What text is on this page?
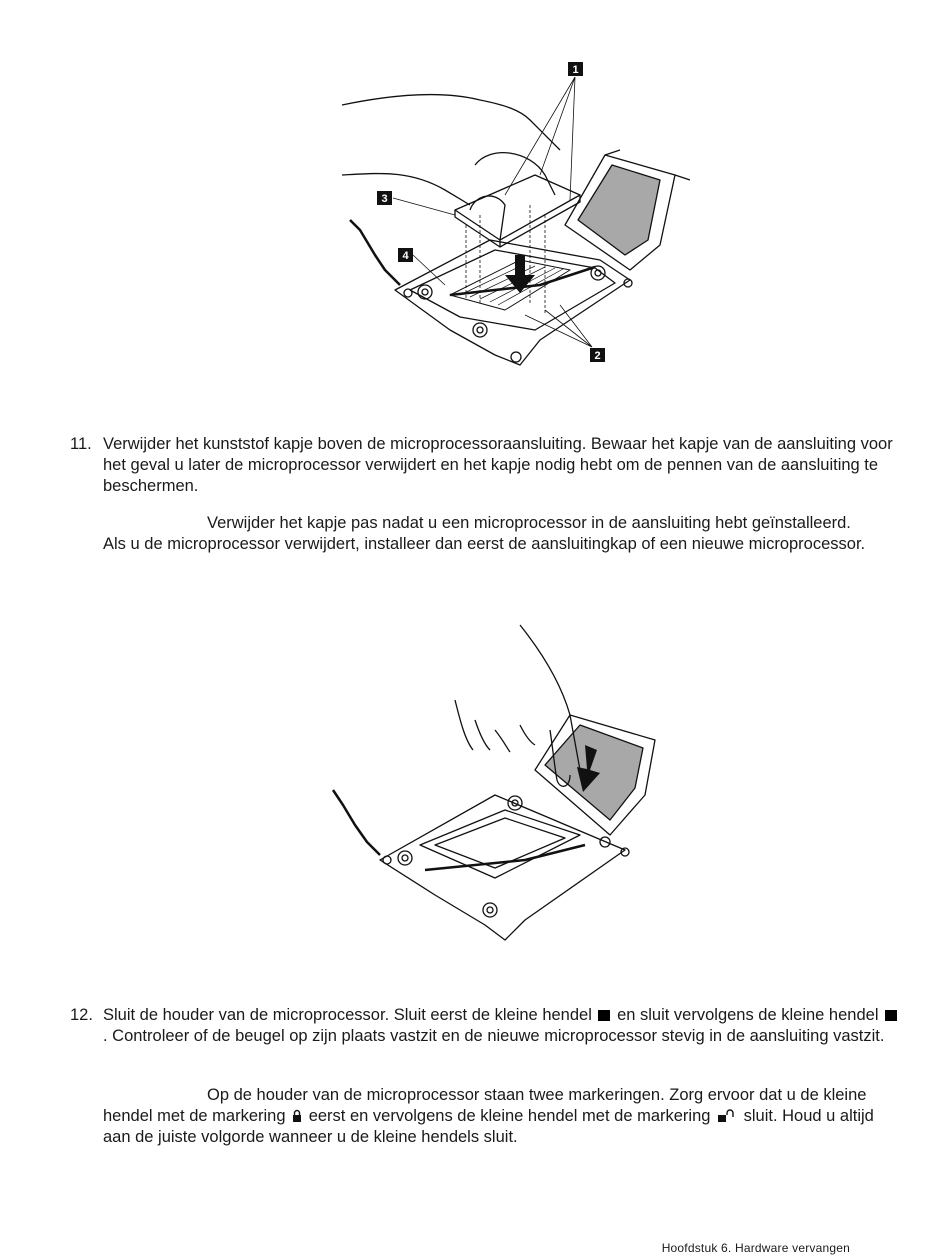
1
2
3
4
11. Verwijder het kunststof kapje boven de microprocessoraansluiting. Bewaar het kapje van de aansluiting voor het geval u later de microprocessor verwijdert en het kapje nodig hebt om de pennen van de aansluiting te beschermen.
Verwijder het kapje pas nadat u een microprocessor in de aansluiting hebt geïnstalleerd.
Als u de microprocessor verwijdert, installeer dan eerst de aansluitingkap of een nieuwe microprocessor.
12. Sluit de houder van de microprocessor. Sluit eerst de kleine hendel en sluit vervolgens de kleine hendel . Controleer of de beugel op zijn plaats vastzit en de nieuwe microprocessor stevig in de aansluiting vastzit.
Op de houder van de microprocessor staan twee markeringen. Zorg ervoor dat u de kleine
hendel met de markering eerst en vervolgens de kleine hendel met de markering sluit. Houd u altijd aan de juiste volgorde wanneer u de kleine hendels sluit.
Hoofdstuk 6. Hardware vervangen
